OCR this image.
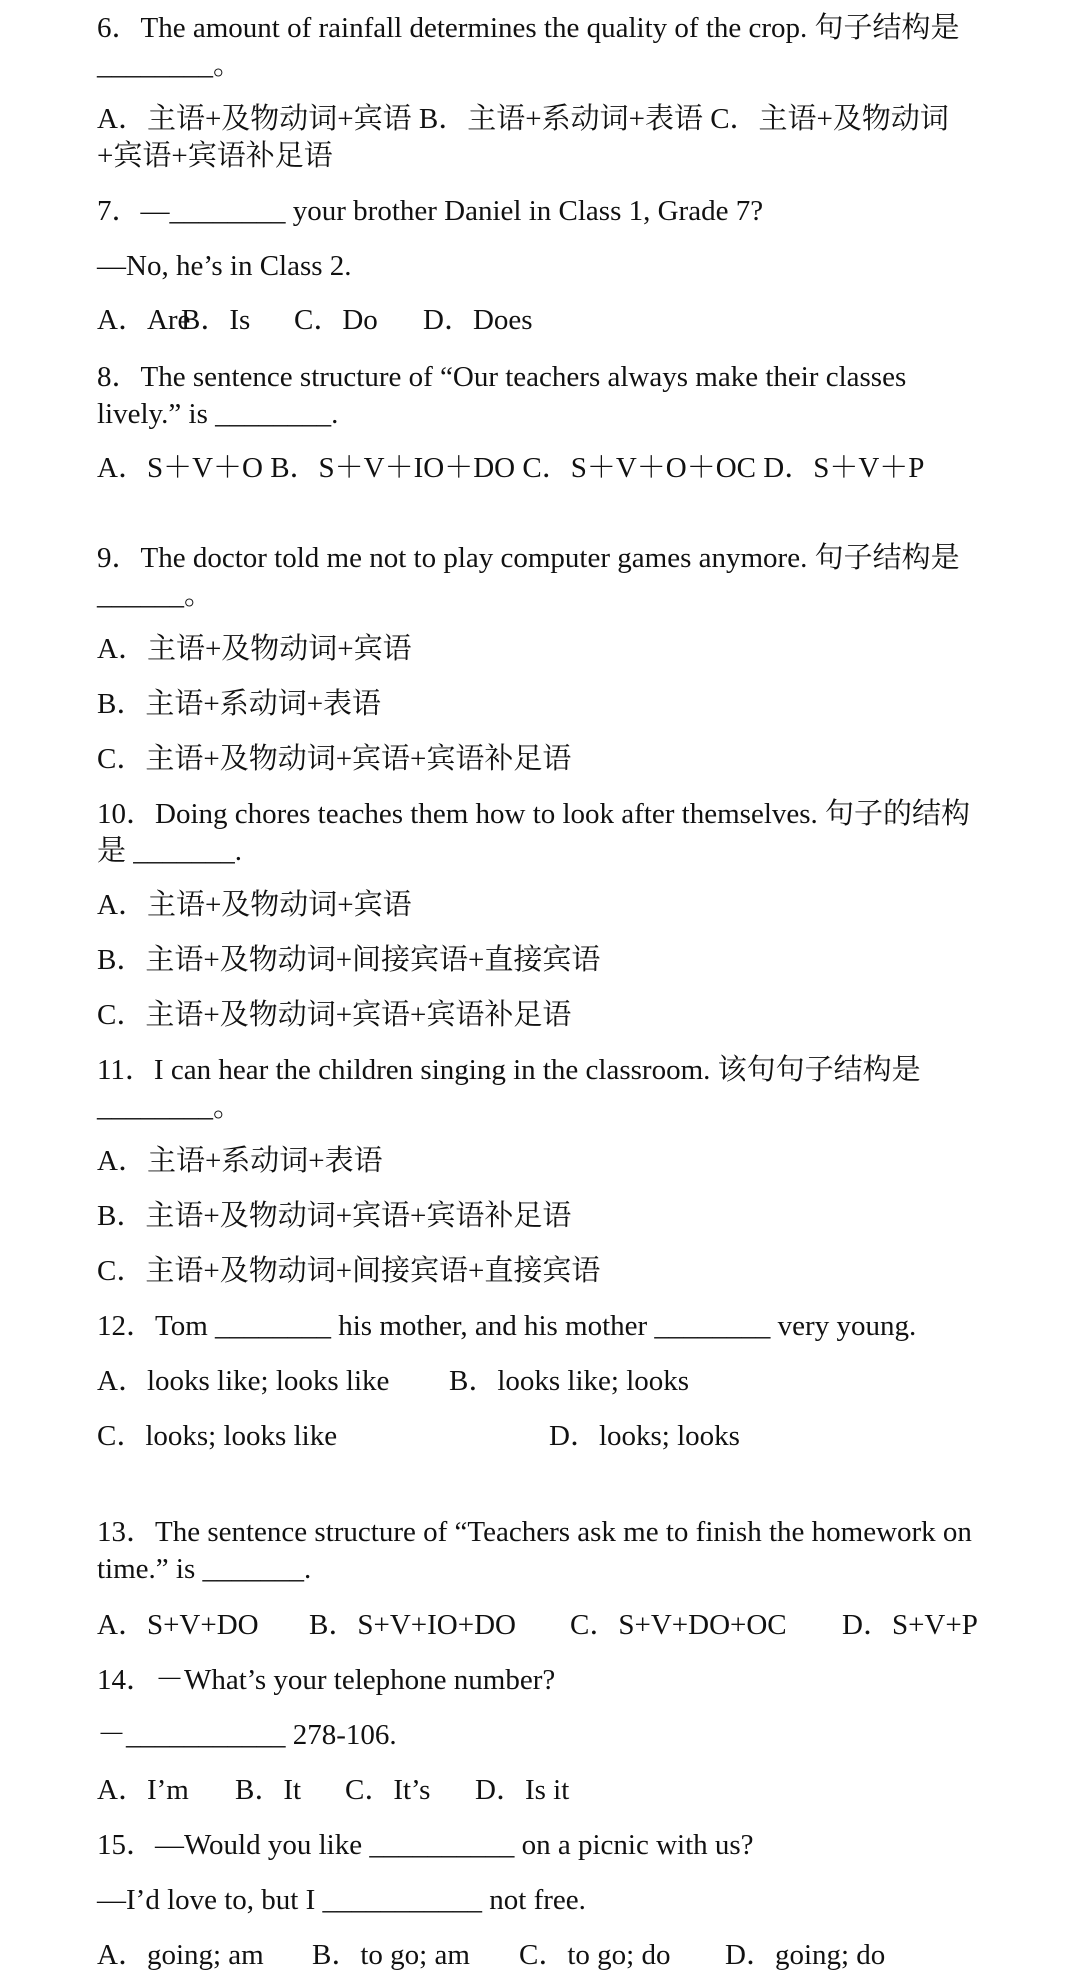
6．The amount of rainfall determines the quality of the crop. 句子结构是________。
A．主语+及物动词+宾语 B．主语+系动词+表语 C．主语+及物动词+宾语+宾语补足语
7．—________ your brother Daniel in Class 1, Grade 7?
—No, he’s in Class 2.
A．AreB．Is C．Do D．Does
8．The sentence structure of “Our teachers always make their classes lively.” is ________.
A．S＋V＋O B．S＋V＋IO＋DO C．S＋V＋O＋OC D．S＋V＋P
9．The doctor told me not to play computer games anymore. 句子结构是______。
A．主语+及物动词+宾语
B．主语+系动词+表语
C．主语+及物动词+宾语+宾语补足语
10．Doing chores teaches them how to look after themselves. 句子的结构是 _______.
A．主语+及物动词+宾语
B．主语+及物动词+间接宾语+直接宾语
C．主语+及物动词+宾语+宾语补足语
11．I can hear the children singing in the classroom. 该句句子结构是________。
A．主语+系动词+表语
B．主语+及物动词+宾语+宾语补足语
C．主语+及物动词+间接宾语+直接宾语
12．Tom ________ his mother, and his mother ________ very young.
A．looks like; looks like B．looks like; looks
C．looks; looks like	D．looks; looks
13．The sentence structure of “Teachers ask me to finish the homework on time.” is _______.
A．S+V+DO B．S+V+IO+DO C．S+V+DO+OC D．S+V+P
14．－What’s your telephone number?
－___________ 278-106.
A．I’m B．It C．It’s D．Is it
15．—Would you like __________ on a picnic with us?
—I’d love to, but I ___________ not free.
A．going; am B．to go; am C．to go; do D．going; do
